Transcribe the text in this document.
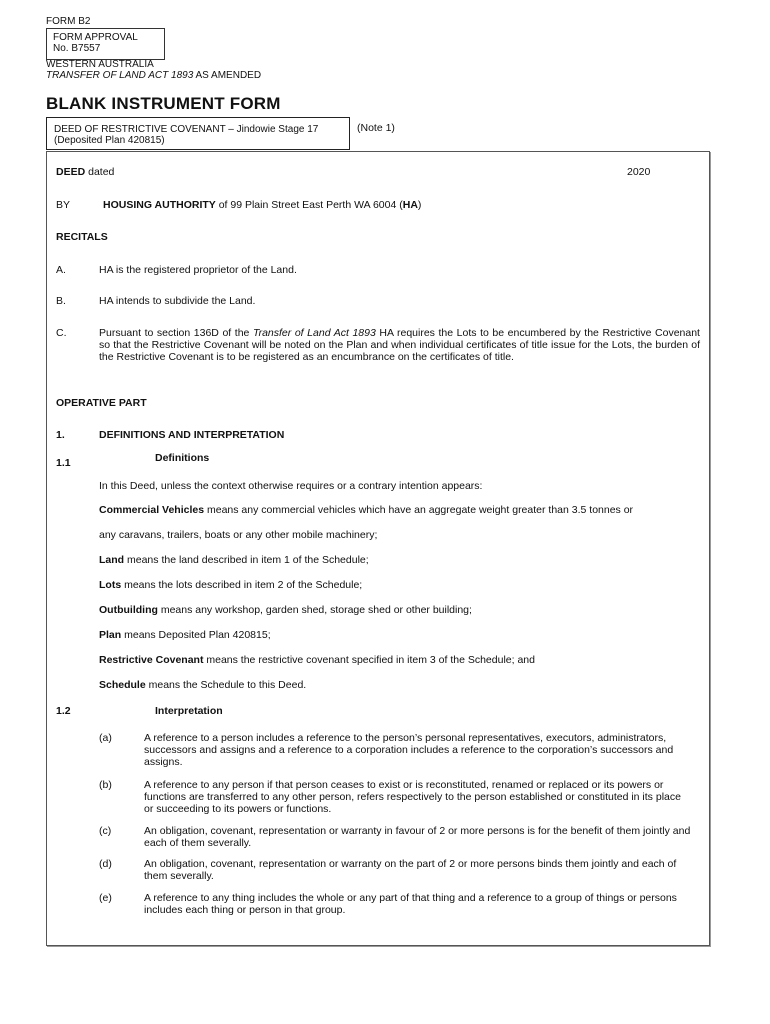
FORM B2
FORM APPROVAL
No. B7557
WESTERN AUSTRALIA
TRANSFER OF LAND ACT 1893 AS AMENDED
BLANK INSTRUMENT FORM
DEED OF RESTRICTIVE COVENANT – Jindowie Stage 17
(Deposited Plan 420815)
(Note 1)
DEED dated	2020
BY	HOUSING AUTHORITY of 99 Plain Street East Perth WA 6004 (HA)
RECITALS
A.	HA is the registered proprietor of the Land.
B.	HA intends to subdivide the Land.
C.	Pursuant to section 136D of the Transfer of Land Act 1893 HA requires the Lots to be encumbered by the Restrictive Covenant so that the Restrictive Covenant will be noted on the Plan and when individual certificates of title issue for the Lots, the burden of the Restrictive Covenant is to be registered as an encumbrance on the certificates of title.
OPERATIVE PART
1.	DEFINITIONS AND INTERPRETATION
1.1	Definitions
In this Deed, unless the context otherwise requires or a contrary intention appears:
Commercial Vehicles means any commercial vehicles which have an aggregate weight greater than 3.5 tonnes or
any caravans, trailers, boats or any other mobile machinery;
Land means the land described in item 1 of the Schedule;
Lots means the lots described in item 2 of the Schedule;
Outbuilding means any workshop, garden shed, storage shed or other building;
Plan means Deposited Plan 420815;
Restrictive Covenant means the restrictive covenant specified in item 3 of the Schedule; and
Schedule means the Schedule to this Deed.
1.2	Interpretation
(a)	A reference to a person includes a reference to the person’s personal representatives, executors, administrators, successors and assigns and a reference to a corporation includes a reference to the corporation’s successors and assigns.
(b)	A reference to any person if that person ceases to exist or is reconstituted, renamed or replaced or its powers or functions are transferred to any other person, refers respectively to the person established or constituted in its place or succeeding to its powers or functions.
(c)	An obligation, covenant, representation or warranty in favour of 2 or more persons is for the benefit of them jointly and each of them severally.
(d)	An obligation, covenant, representation or warranty on the part of 2 or more persons binds them jointly and each of them severally.
(e)	A reference to any thing includes the whole or any part of that thing and a reference to a group of things or persons includes each thing or person in that group.
